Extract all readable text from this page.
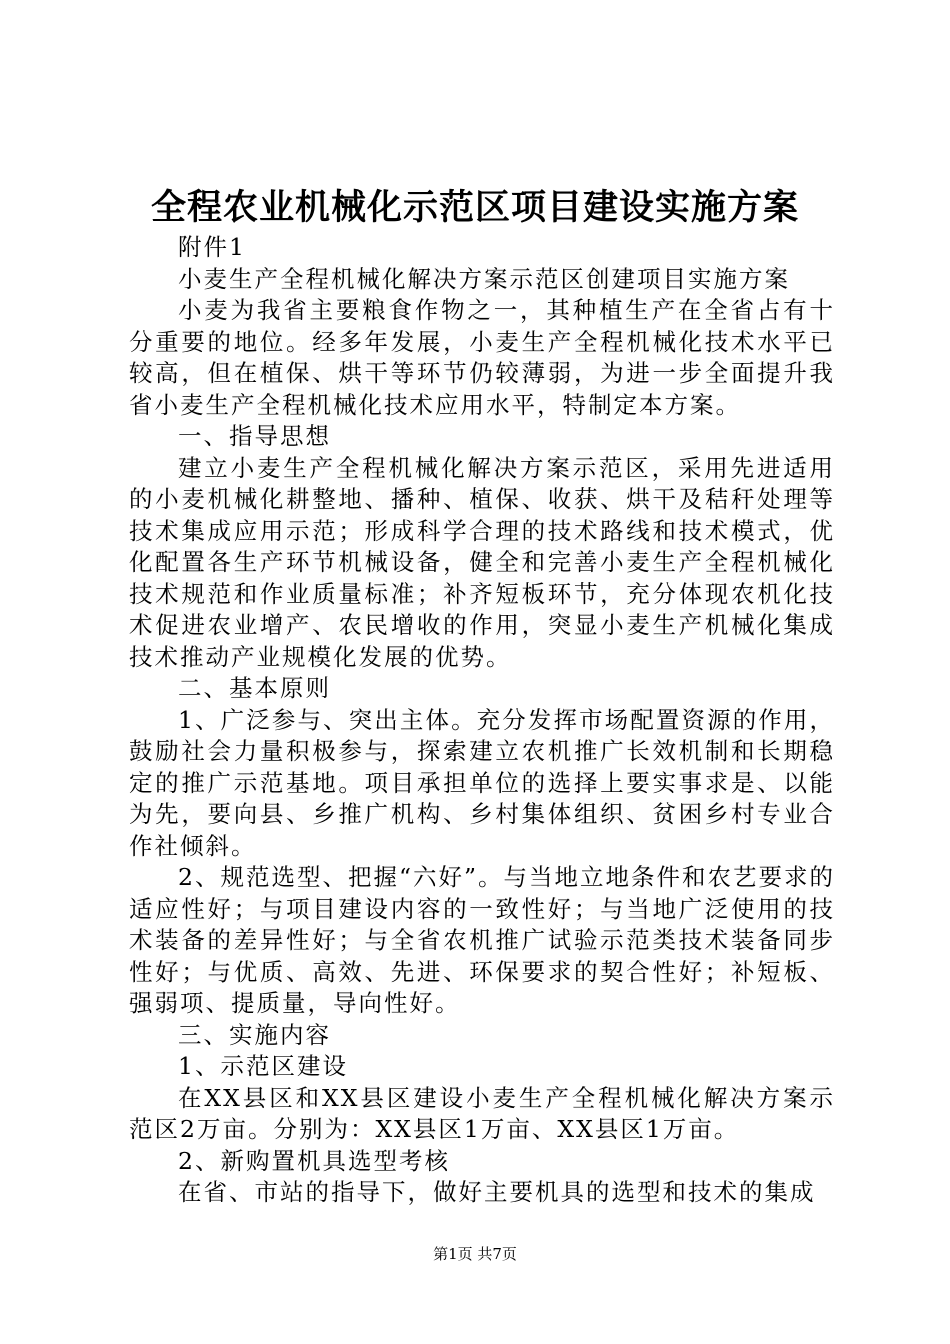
全程农业机械化示范区项目建设实施方案

附件1

小麦生产全程机械化解决方案示范区创建项目实施方案

小麦为我省主要粮食作物之一，其种植生产在全省占有十分重要的地位。经多年发展，小麦生产全程机械化技术水平已较高，但在植保、烘干等环节仍较薄弱，为进一步全面提升我省小麦生产全程机械化技术应用水平，特制定本方案。

一、指导思想

建立小麦生产全程机械化解决方案示范区，采用先进适用的小麦机械化耕整地、播种、植保、收获、烘干及秸秆处理等技术集成应用示范；形成科学合理的技术路线和技术模式，优化配置各生产环节机械设备，健全和完善小麦生产全程机械化技术规范和作业质量标准；补齐短板环节，充分体现农机化技术促进农业增产、农民增收的作用，突显小麦生产机械化集成技术推动产业规模化发展的优势。

二、基本原则

1、广泛参与、突出主体。充分发挥市场配置资源的作用，鼓励社会力量积极参与，探索建立农机推广长效机制和长期稳定的推广示范基地。项目承担单位的选择上要实事求是、以能为先，要向县、乡推广机构、乡村集体组织、贫困乡村专业合作社倾斜。

2、规范选型、把握“六好”。与当地立地条件和农艺要求的适应性好；与项目建设内容的一致性好；与当地广泛使用的技术装备的差异性好；与全省农机推广试验示范类技术装备同步性好；与优质、高效、先进、环保要求的契合性好；补短板、强弱项、提质量，导向性好。

三、实施内容

1、示范区建设

在XX县区和XX县区建设小麦生产全程机械化解决方案示范区2万亩。分别为：XX县区1万亩、XX县区1万亩。

2、新购置机具选型考核

在省、市站的指导下，做好主要机具的选型和技术的集成

第1页 共7页
